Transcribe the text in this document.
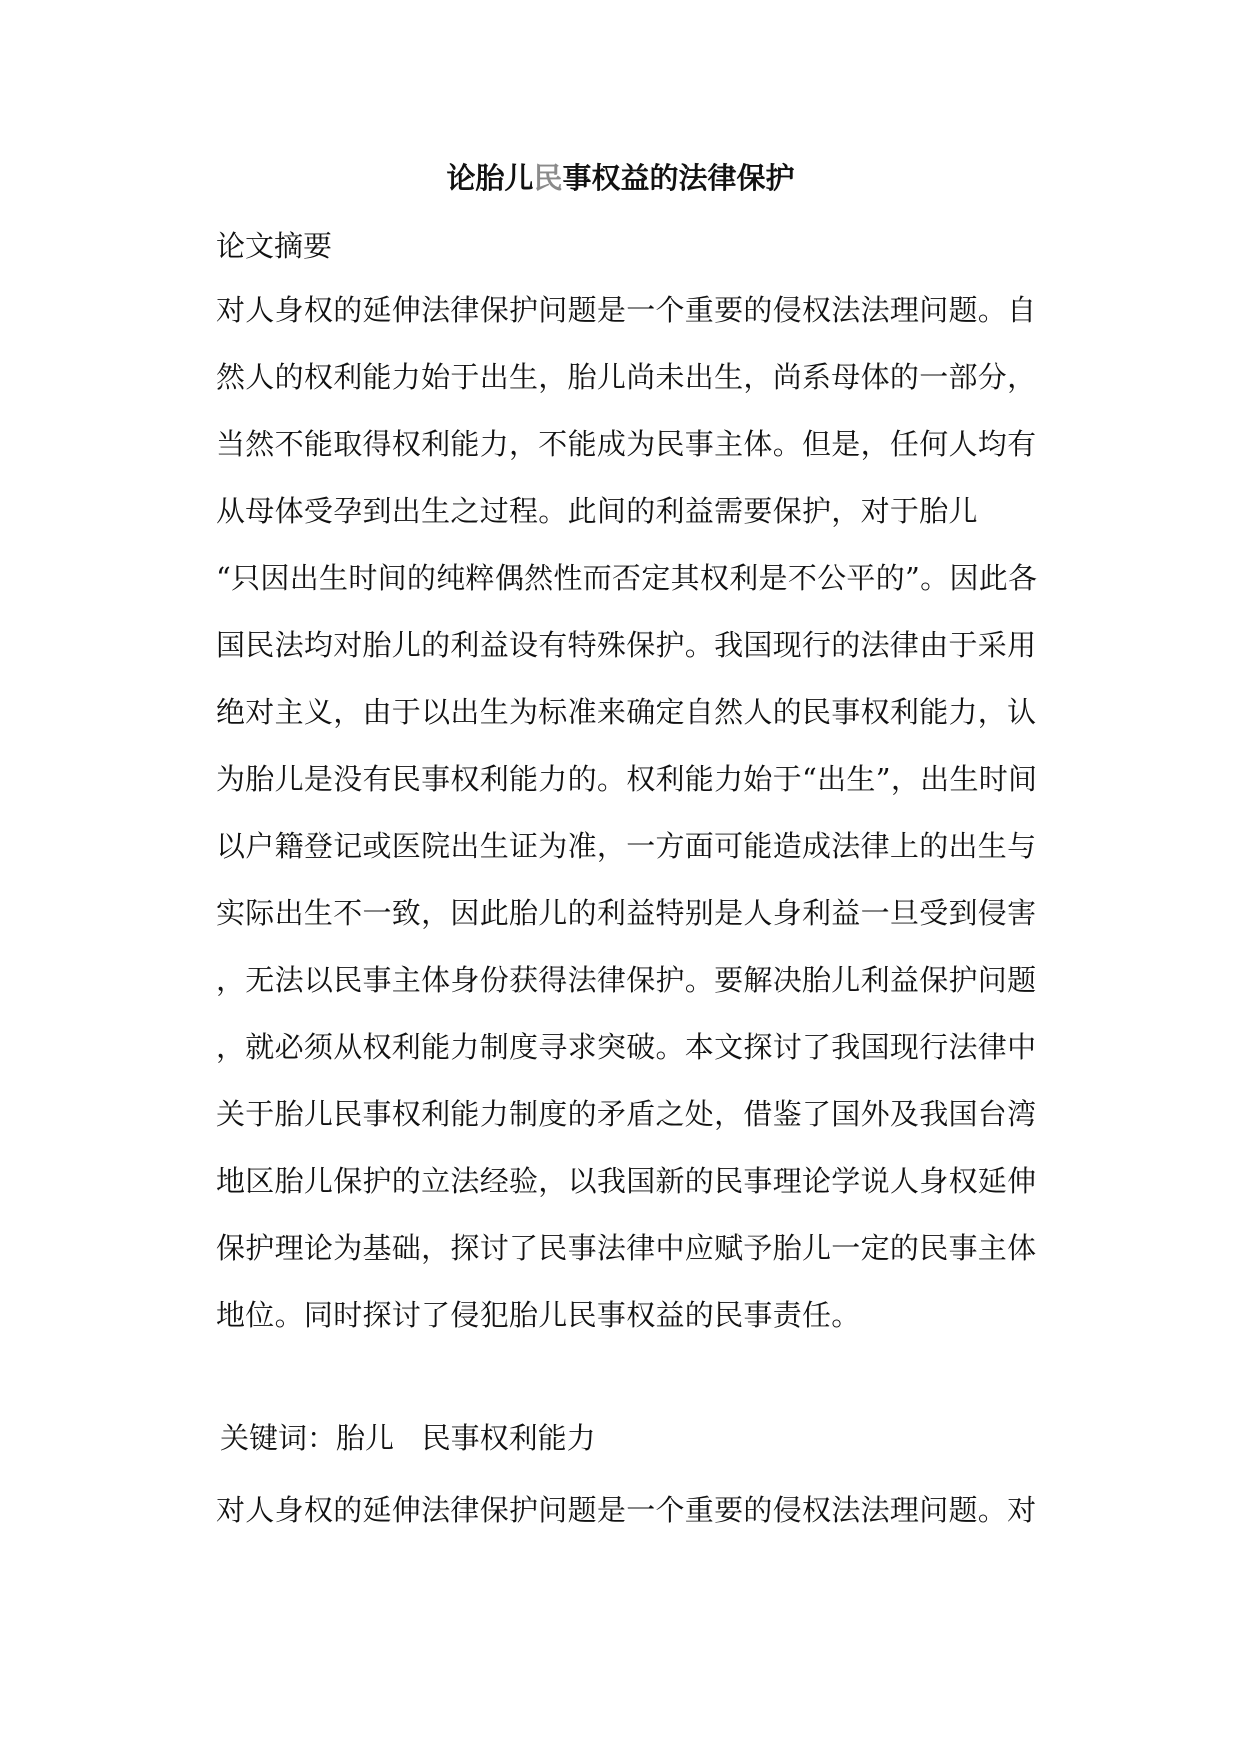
论胎儿民事权益的法律保护

论文摘要

对人身权的延伸法律保护问题是一个重要的侵权法法理问题。自
然人的权利能力始于出生，胎儿尚未出生，尚系母体的一部分，
当然不能取得权利能力，不能成为民事主体。但是，任何人均有
从母体受孕到出生之过程。此间的利益需要保护，对于胎儿
“只因出生时间的纯粹偶然性而否定其权利是不公平的”。因此各
国民法均对胎儿的利益设有特殊保护。我国现行的法律由于采用
绝对主义，由于以出生为标准来确定自然人的民事权利能力，认
为胎儿是没有民事权利能力的。权利能力始于“出生”，出生时间
以户籍登记或医院出生证为准，一方面可能造成法律上的出生与
实际出生不一致，因此胎儿的利益特别是人身利益一旦受到侵害
，无法以民事主体身份获得法律保护。要解决胎儿利益保护问题
，就必须从权利能力制度寻求突破。本文探讨了我国现行法律中
关于胎儿民事权利能力制度的矛盾之处，借鉴了国外及我国台湾
地区胎儿保护的立法经验，以我国新的民事理论学说人身权延伸
保护理论为基础，探讨了民事法律中应赋予胎儿一定的民事主体
地位。同时探讨了侵犯胎儿民事权益的民事责任。

关键词：胎儿   民事权利能力

对人身权的延伸法律保护问题是一个重要的侵权法法理问题。对
